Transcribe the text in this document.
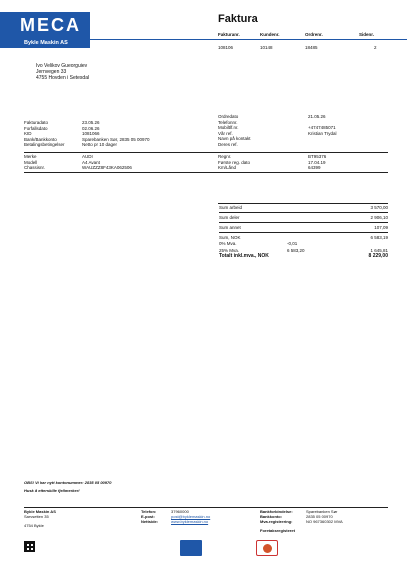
MECA
Bykle Maskin AS
Faktura
Fakturanr.	Kundenr.	Ordrenr.	Sidenr.
108106	10148	18485	2
Ivo Velikov Gueorguiev
Jernvegen 33
4755 Hovden i Setesdal
Fakturadato	23.05.26
Forfallsdato	02.06.26
KID	1081066
Bank/Bankkonto	Sparebanken Sør, 2835 05 00970
Betalingsbetingelser	Netto pr 10 dager
Ordredato	21.05.26
Telefonnr.
Mobiltlf.nr.	+4747485071
Vår ref.	Kristian Trydal
Navn på kontakt
Deres ref.
Merke	AUDI
Modell	A4 Avant
Chassisnr.	WAUZZZ8F43KA062506
Regnr.	BT95376
Første reg. dato	17.04.19
Km/Lånd	64399
Sum arbeid	3 570,00
Sum deler	2 906,10
Sum annet	107,09
Sum, NOK	6 583,19
0% Mva.	-0,01
25% Mva.	6 583,20	1 645,81
Totalt inkl.mva., NOK	8 229,00
OBS! Vi har nytt kontonummer: 2835 05 00970
Husk å etterskille fjellmerker!
Bykle Maskin AS
Sarvsetten 35
4754 Bykle
Telefon:	37960000
E-post:	post@byklemaskin.no
Nettside:	www.byklemaskin.no
Bankforbindelse:	Sparebanken Sør
Bankkonto:	2835 05 00970
Mva.registrering:	NO 967360302 MVA
Foretaksregisteret
